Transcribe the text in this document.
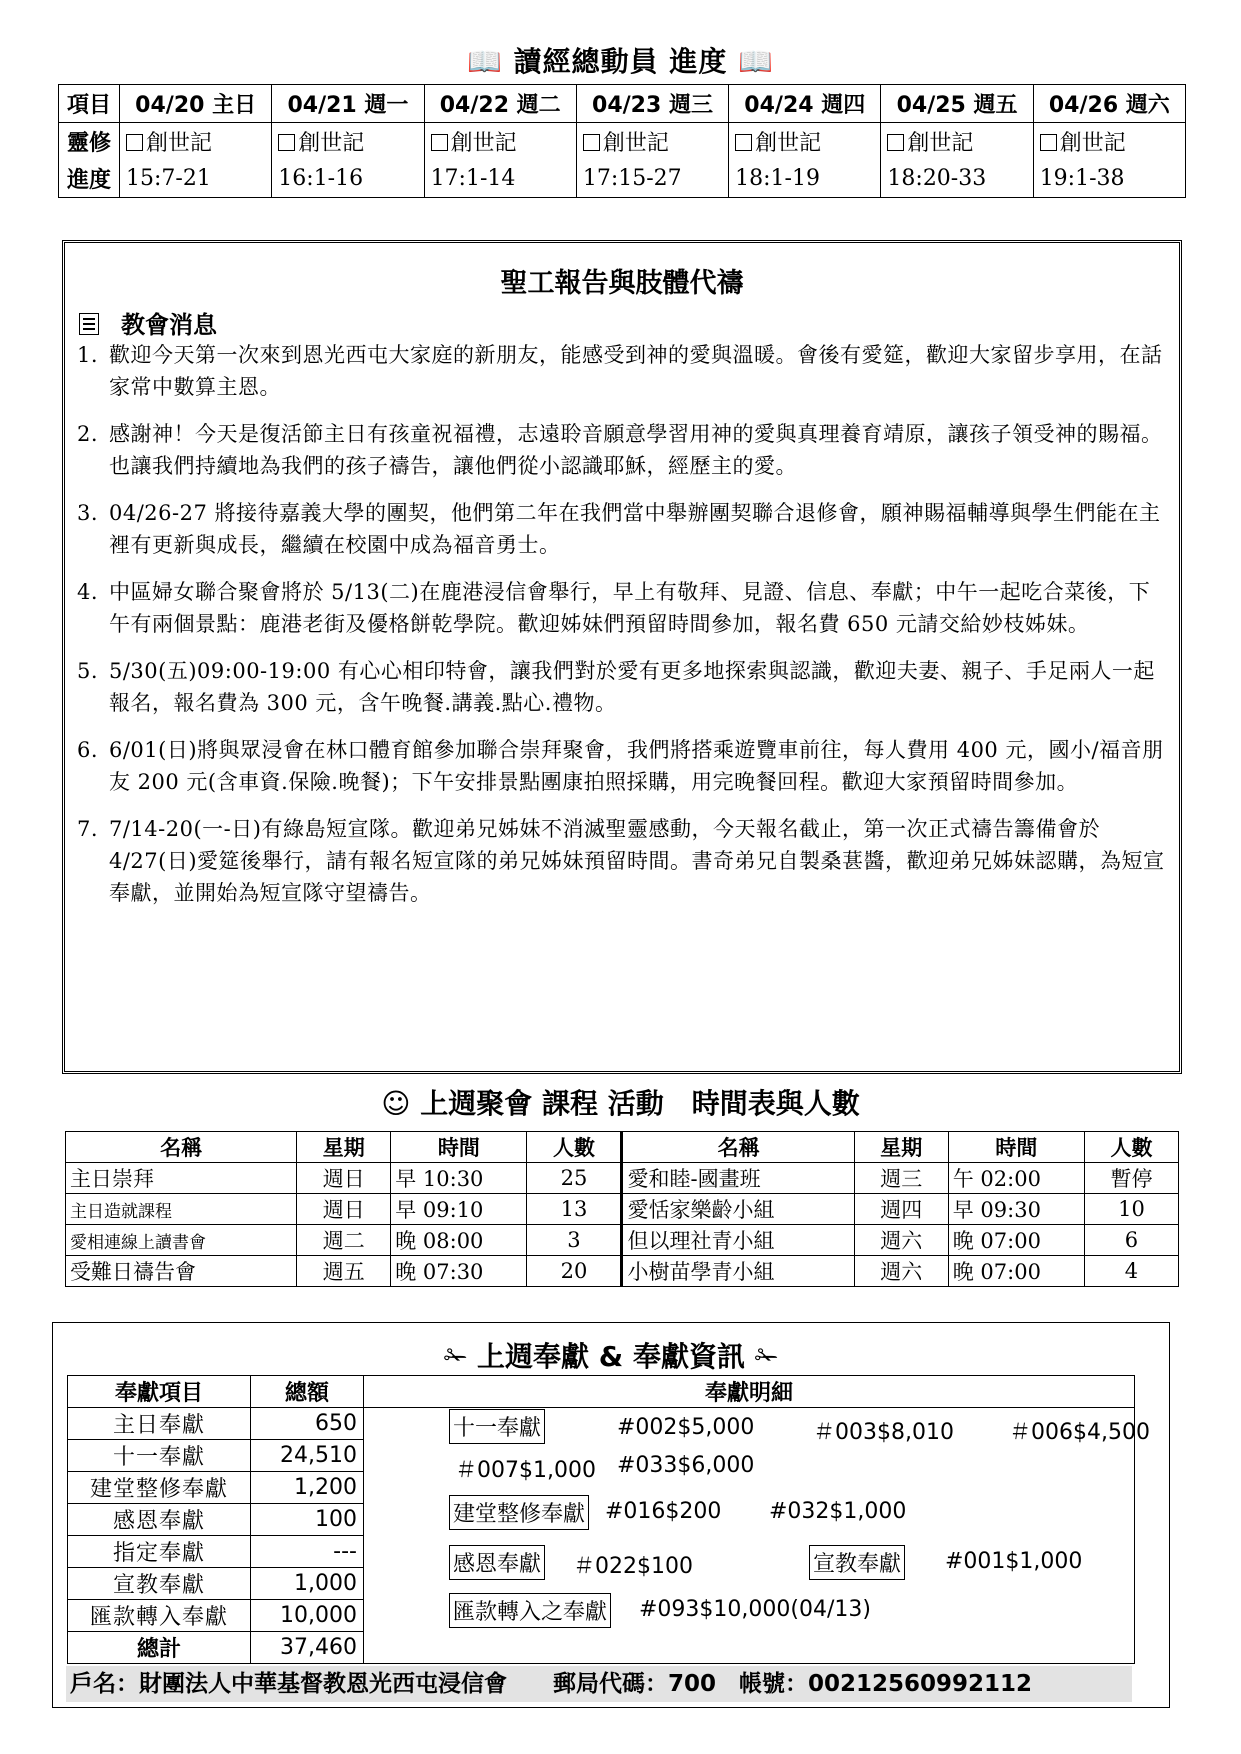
📖 讀經總動員 進度 📖
項目	04/20 主日	04/21 週一	04/22 週二	04/23 週三	04/24 週四	04/25 週五	04/26 週六
靈修	創世記	創世記	創世記	創世記	創世記	創世記	創世記
進度	15:7-21	16:1-16	17:1-14	17:15-27	18:1-19	18:20-33	19:1-38
聖工報告與肢體代禱
教會消息
1. 歡迎今天第一次來到恩光西屯大家庭的新朋友，能感受到神的愛與溫暖。會後有愛筵，歡迎大家留步享用，在話家常中數算主恩。
2. 感謝神！今天是復活節主日有孩童祝福禮，志遠聆音願意學習用神的愛與真理養育靖原，讓孩子領受神的賜福。也讓我們持續地為我們的孩子禱告，讓他們從小認識耶穌，經歷主的愛。
3. 04/26-27 將接待嘉義大學的團契，他們第二年在我們當中舉辦團契聯合退修會，願神賜福輔導與學生們能在主裡有更新與成長，繼續在校園中成為福音勇士。
4. 中區婦女聯合聚會將於 5/13(二)在鹿港浸信會舉行，早上有敬拜、見證、信息、奉獻；中午一起吃合菜後，下午有兩個景點：鹿港老街及優格餅乾學院。歡迎姊妹們預留時間參加，報名費 650 元請交給妙枝姊妹。
5. 5/30(五)09:00-19:00 有心心相印特會，讓我們對於愛有更多地探索與認識，歡迎夫妻、親子、手足兩人一起報名，報名費為 300 元，含午晚餐.講義.點心.禮物。
6. 6/01(日)將與眾浸會在林口體育館參加聯合崇拜聚會，我們將搭乘遊覽車前往，每人費用 400 元，國小/福音朋友 200 元(含車資.保險.晚餐)；下午安排景點團康拍照採購，用完晚餐回程。歡迎大家預留時間參加。
7. 7/14-20(一-日)有綠島短宣隊。歡迎弟兄姊妹不消滅聖靈感動，今天報名截止，第一次正式禱告籌備會於 4/27(日)愛筵後舉行，請有報名短宣隊的弟兄姊妹預留時間。書奇弟兄自製桑葚醬，歡迎弟兄姊妹認購，為短宣奉獻，並開始為短宣隊守望禱告。
☺ 上週聚會 課程 活動　時間表與人數
名稱	星期	時間	人數	名稱	星期	時間	人數
主日崇拜	週日	早 10:30	25	愛和睦-國畫班	週三	午 02:00	暫停
主日造就課程	週日	早 09:10	13	愛恬家樂齡小組	週四	早 09:30	10
愛相連線上讀書會	週二	晚 08:00	3	但以理社青小組	週六	晚 07:00	6
受難日禱告會	週五	晚 07:30	20	小樹苗學青小組	週六	晚 07:00	4
✁ 上週奉獻 & 奉獻資訊 ✁
奉獻項目	總額	奉獻明細
主日奉獻	650	
十一奉獻	24,510	
建堂整修奉獻	1,200	
感恩奉獻	100	
指定奉獻	---	
宣教奉獻	1,000	
匯款轉入奉獻	10,000	
總計	37,460	
十一奉獻	#002$5,000	＃003$8,010	＃006$4,500
＃007$1,000 #033$6,000
建堂整修奉獻 #016$200 #032$1,000
感恩奉獻 ＃022$100	宣教奉獻 #001$1,000
匯款轉入之奉獻 #093$10,000(04/13)
戶名：財團法人中華基督教恩光西屯浸信會　　郵局代碼：700　帳號：00212560992112
